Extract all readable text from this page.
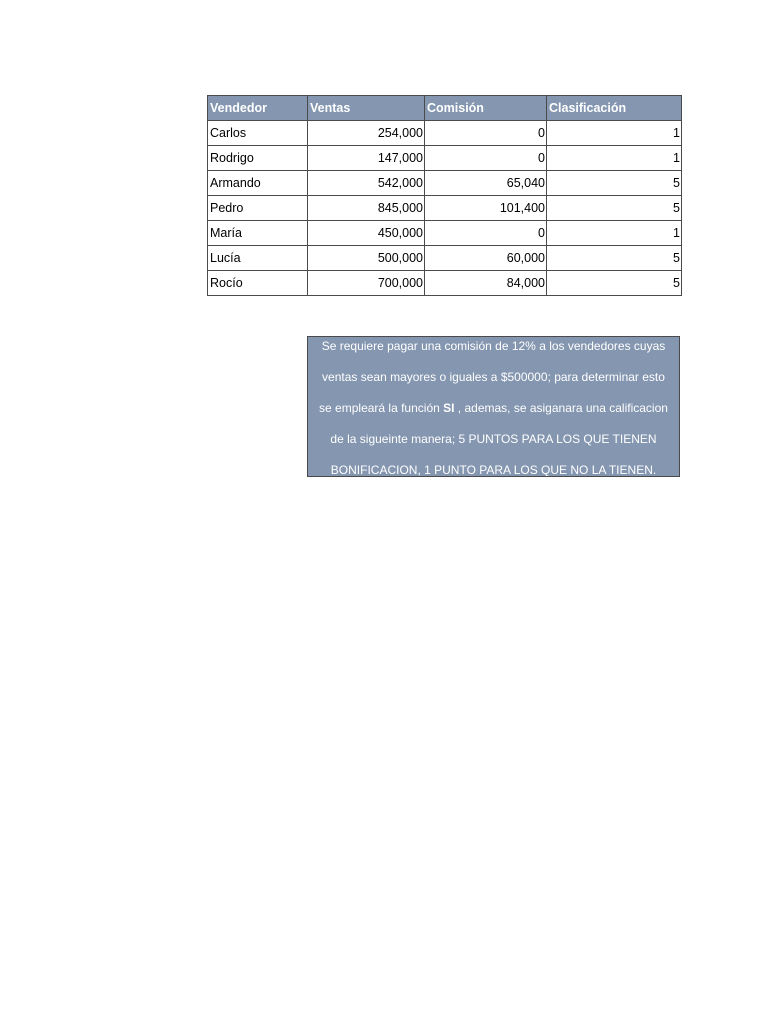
Vendedor	Ventas	Comisión	Clasificación
Carlos	254,000	0	1
Rodrigo	147,000	0	1
Armando	542,000	65,040	5
Pedro	845,000	101,400	5
María	450,000	0	1
Lucía	500,000	60,000	5
Rocío	700,000	84,000	5
Se requiere pagar una comisión de 12% a los vendedores cuyas
ventas sean mayores o iguales a $500000; para determinar esto
se empleará la función SI , ademas, se asiganara una calificacion
de la sigueinte manera; 5 PUNTOS PARA LOS QUE TIENEN
BONIFICACION, 1 PUNTO PARA LOS QUE NO LA TIENEN.
